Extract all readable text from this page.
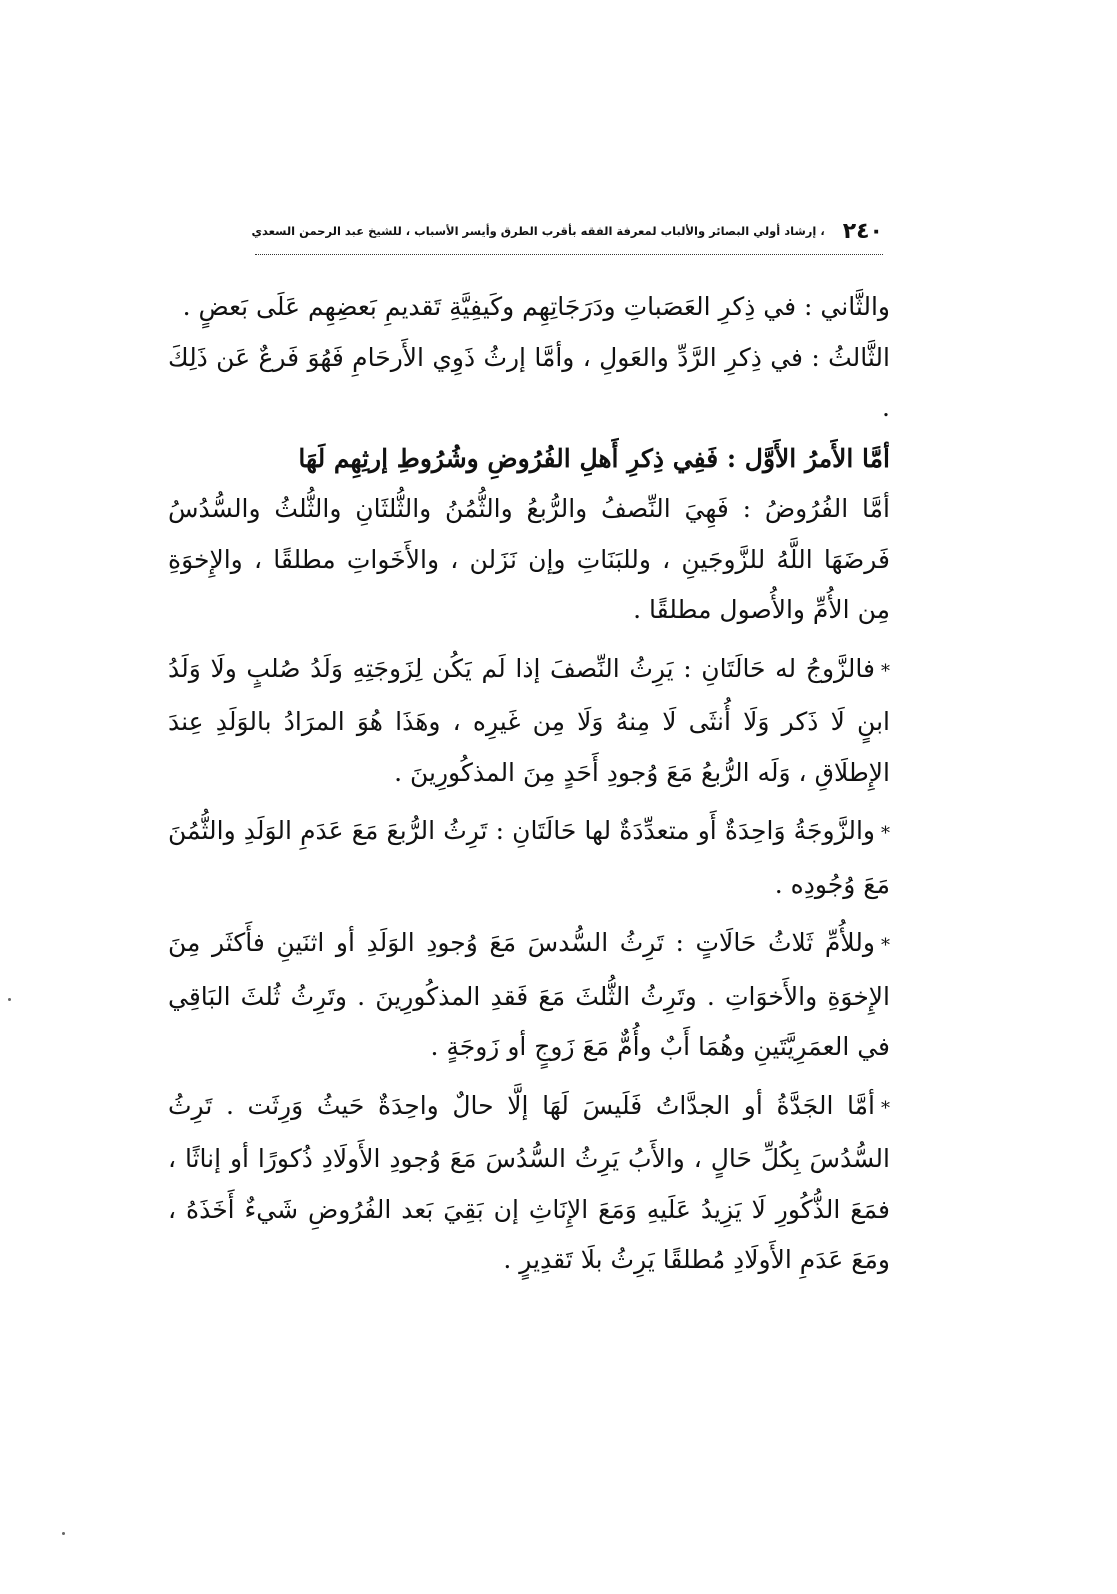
٢٤٠
، إرشاد أولي البصائر والألباب لمعرفة الفقه بأقرب الطرق وأيسر الأسباب ، للشيخ عبد الرحمن السعدي

والثَّاني : في ذِكرِ العَصَباتِ ودَرَجَاتِهِم وكَيفِيَّةِ تَقديمِ بَعضِهِم عَلَى بَعضٍ .

الثَّالثُ : في ذِكرِ الرَّدِّ والعَولِ ، وأمَّا إرثُ ذَوِي الأَرحَامِ فَهُوَ فَرعٌ عَن ذَلِكَ .

أمَّا الأَمرُ الأَوَّل : فَفِي ذِكرِ أَهلِ الفُرُوضِ وشُرُوطِ إرثِهِم لَهَا

أمَّا الفُرُوضُ : فَهِيَ النِّصفُ والرُّبعُ والثُّمُنُ والثُّلثَانِ والثُّلثُ والسُّدُسُ فَرضَهَا اللَّهُ للزَّوجَينِ ، وللبَنَاتِ وإن نَزَلن ، والأَخَواتِ مطلقًا ، والإِخوَةِ مِن الأُمِّ والأُصول مطلقًا .

*فالزَّوجُ له حَالَتَانِ : يَرِثُ النِّصفَ إذا لَم يَكُن لِزَوجَتِهِ وَلَدُ صُلبٍ ولَا وَلَدُ ابنٍ لَا ذَكر وَلَا أُنثَى لَا مِنهُ وَلَا مِن غَيرِه ، وهَذَا هُوَ المرَادُ بالوَلَدِ عِندَ الإِطلَاقِ ، وَلَه الرُّبعُ مَعَ وُجودِ أَحَدٍ مِنَ المذكُورِينَ .

*والزَّوجَةُ وَاحِدَةٌ أَو متعدِّدَةٌ لها حَالَتَانِ : تَرِثُ الرُّبعَ مَعَ عَدَمِ الوَلَدِ والثُّمُنَ مَعَ وُجُودِه .

*وللأُمِّ ثَلاثُ حَالَاتٍ : تَرِثُ السُّدسَ مَعَ وُجودِ الوَلَدِ أو اثنَينِ فأَكثَر مِنَ الإِخوَةِ والأَخوَاتِ . وتَرِثُ الثُّلثَ مَعَ فَقدِ المذكُورِينَ . وتَرِثُ ثُلثَ البَاقِي في العمَرِيَّتَينِ وهُمَا أَبٌ وأُمٌّ مَعَ زَوجٍ أو زَوجَةٍ .

*أمَّا الجَدَّةُ أو الجدَّاتُ فَلَيسَ لَهَا إلَّا حالٌ واحِدَةٌ حَيثُ وَرِثَت . تَرِثُ السُّدُسَ بِكُلِّ حَالٍ ، والأَبُ يَرِثُ السُّدُسَ مَعَ وُجودِ الأَولَادِ ذُكورًا أو إناثًا ، فمَعَ الذُّكُورِ لَا يَزِيدُ عَلَيهِ وَمَعَ الإِنَاثِ إن بَقِيَ بَعد الفُرُوضِ شَيءٌ أَخَذَهُ ، ومَعَ عَدَمِ الأَولَادِ مُطلقًا يَرِثُ بلَا تَقدِيرٍ .
